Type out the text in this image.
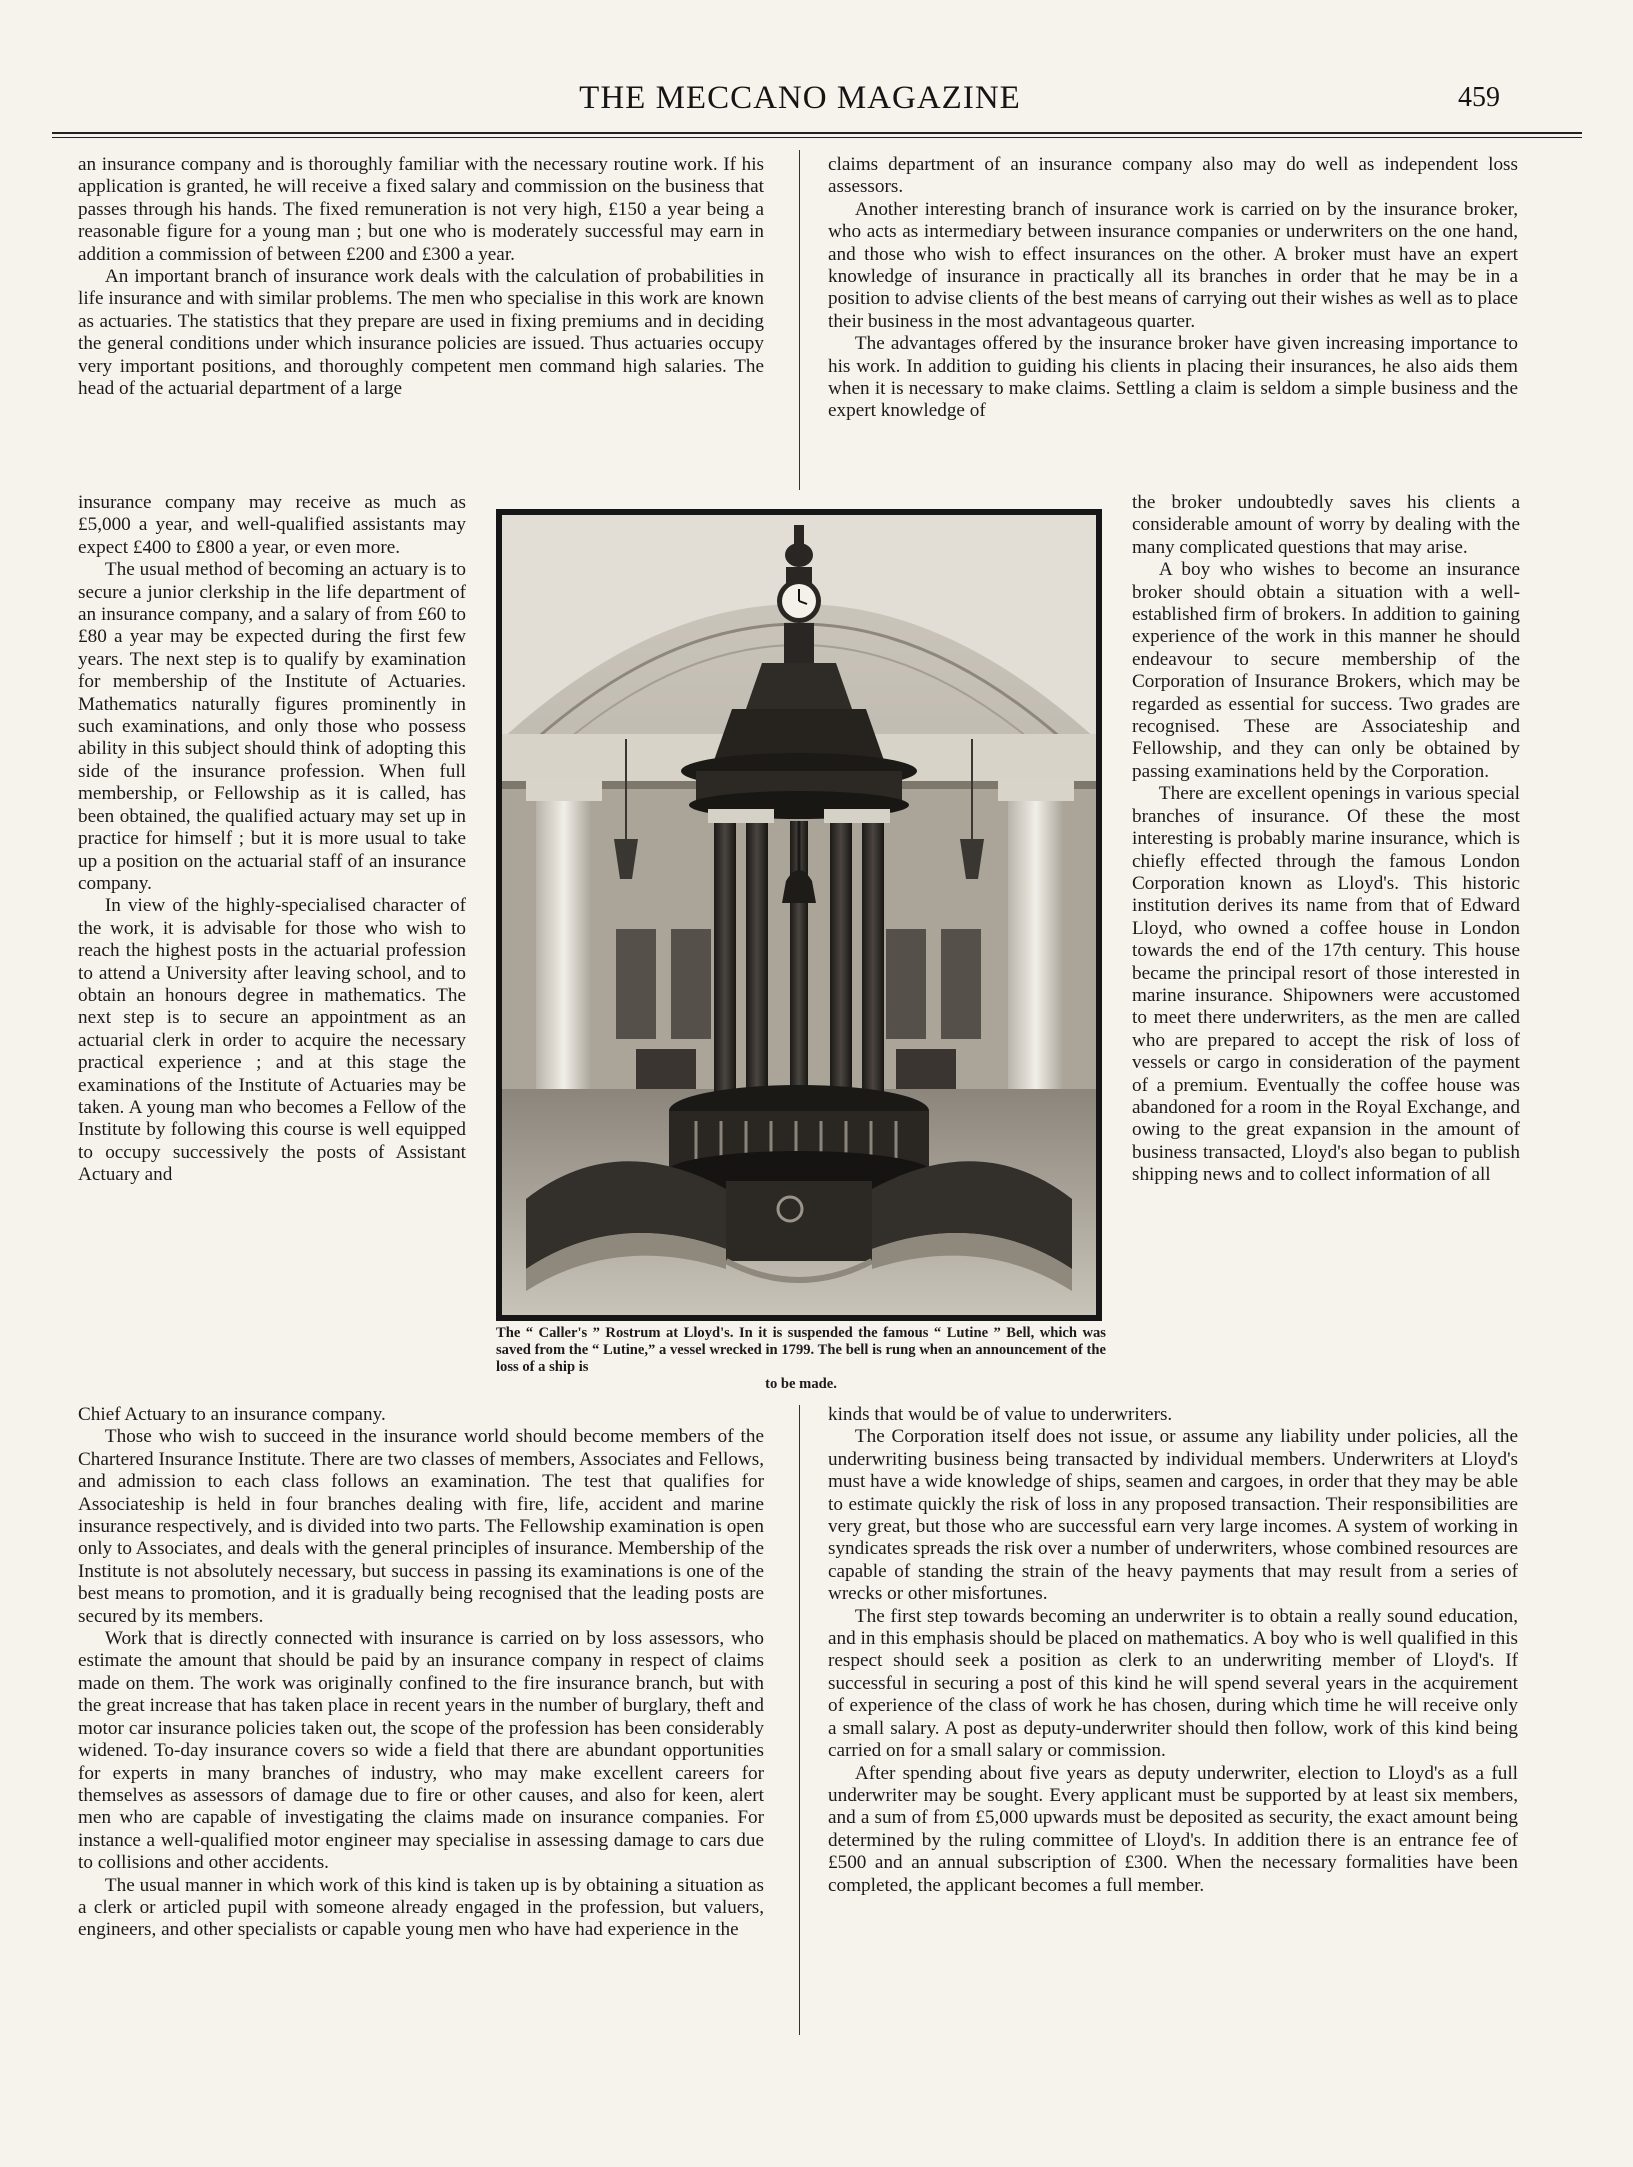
THE MECCANO MAGAZINE	459

an insurance company and is thoroughly familiar with the necessary routine work. If his application is granted, he will receive a fixed salary and commission on the business that passes through his hands. The fixed remuneration is not very high, £150 a year being a reasonable figure for a young man ; but one who is moderately successful may earn in addition a commission of between £200 and £300 a year.

An important branch of insurance work deals with the calculation of probabilities in life insurance and with similar problems. The men who specialise in this work are known as actuaries. The statistics that they prepare are used in fixing premiums and in deciding the general conditions under which insurance policies are issued. Thus actuaries occupy very important positions, and thoroughly competent men command high salaries. The head of the actuarial department of a large

insurance company may receive as much as £5,000 a year, and well-qualified assistants may expect £400 to £800 a year, or even more.

The usual method of becoming an actuary is to secure a junior clerkship in the life department of an insurance company, and a salary of from £60 to £80 a year may be expected during the first few years. The next step is to qualify by examination for membership of the Institute of Actuaries. Mathematics naturally figures prominently in such examinations, and only those who possess ability in this subject should think of adopting this side of the insurance profession. When full membership, or Fellowship as it is called, has been obtained, the qualified actuary may set up in practice for himself ; but it is more usual to take up a position on the actuarial staff of an insurance company.

In view of the highly-specialised character of the work, it is advisable for those who wish to reach the highest posts in the actuarial profession to attend a University after leaving school, and to obtain an honours degree in mathematics. The next step is to secure an appointment as an actuarial clerk in order to acquire the necessary practical experience ; and at this stage the examinations of the Institute of Actuaries may be taken. A young man who becomes a Fellow of the Institute by following this course is well equipped to occupy successively the posts of Assistant Actuary and

Chief Actuary to an insurance company.

Those who wish to succeed in the insurance world should become members of the Chartered Insurance Institute. There are two classes of members, Associates and Fellows, and admission to each class follows an examination. The test that qualifies for Associateship is held in four branches dealing with fire, life, accident and marine insurance respectively, and is divided into two parts. The Fellowship examination is open only to Associates, and deals with the general principles of insurance. Membership of the Institute is not absolutely necessary, but success in passing its examinations is one of the best means to promotion, and it is gradually being recognised that the leading posts are secured by its members.

Work that is directly connected with insurance is carried on by loss assessors, who estimate the amount that should be paid by an insurance company in respect of claims made on them. The work was originally confined to the fire insurance branch, but with the great increase that has taken place in recent years in the number of burglary, theft and motor car insurance policies taken out, the scope of the profession has been considerably widened. To-day insurance covers so wide a field that there are abundant opportunities for experts in many branches of industry, who may make excellent careers for themselves as assessors of damage due to fire or other causes, and also for keen, alert men who are capable of investigating the claims made on insurance companies. For instance a well-qualified motor engineer may specialise in assessing damage to cars due to collisions and other accidents.

The usual manner in which work of this kind is taken up is by obtaining a situation as a clerk or articled pupil with someone already engaged in the profession, but valuers, engineers, and other specialists or capable young men who have had experience in the

claims department of an insurance company also may do well as independent loss assessors.

Another interesting branch of insurance work is carried on by the insurance broker, who acts as intermediary between insurance companies or underwriters on the one hand, and those who wish to effect insurances on the other. A broker must have an expert knowledge of insurance in practically all its branches in order that he may be in a position to advise clients of the best means of carrying out their wishes as well as to place their business in the most advantageous quarter.

The advantages offered by the insurance broker have given increasing importance to his work. In addition to guiding his clients in placing their insurances, he also aids them when it is necessary to make claims. Settling a claim is seldom a simple business and the expert knowledge of

the broker undoubtedly saves his clients a considerable amount of worry by dealing with the many complicated questions that may arise.

A boy who wishes to become an insurance broker should obtain a situation with a well-established firm of brokers. In addition to gaining experience of the work in this manner he should endeavour to secure membership of the Corporation of Insurance Brokers, which may be regarded as essential for success. Two grades are recognised. These are Associateship and Fellowship, and they can only be obtained by passing examinations held by the Corporation.

There are excellent openings in various special branches of insurance. Of these the most interesting is probably marine insurance, which is chiefly effected through the famous London Corporation known as Lloyd's. This historic institution derives its name from that of Edward Lloyd, who owned a coffee house in London towards the end of the 17th century. This house became the principal resort of those interested in marine insurance. Shipowners were accustomed to meet there underwriters, as the men are called who are prepared to accept the risk of loss of vessels or cargo in consideration of the payment of a premium. Eventually the coffee house was abandoned for a room in the Royal Exchange, and owing to the great expansion in the amount of business transacted, Lloyd's also began to publish shipping news and to collect information of all

kinds that would be of value to underwriters.

The Corporation itself does not issue, or assume any liability under policies, all the underwriting business being transacted by individual members. Underwriters at Lloyd's must have a wide knowledge of ships, seamen and cargoes, in order that they may be able to estimate quickly the risk of loss in any proposed transaction. Their responsibilities are very great, but those who are successful earn very large incomes. A system of working in syndicates spreads the risk over a number of underwriters, whose combined resources are capable of standing the strain of the heavy payments that may result from a series of wrecks or other misfortunes.

The first step towards becoming an underwriter is to obtain a really sound education, and in this emphasis should be placed on mathematics. A boy who is well qualified in this respect should seek a position as clerk to an underwriting member of Lloyd's. If successful in securing a post of this kind he will spend several years in the acquirement of experience of the class of work he has chosen, during which time he will receive only a small salary. A post as deputy-underwriter should then follow, work of this kind being carried on for a small salary or commission.

After spending about five years as deputy underwriter, election to Lloyd's as a full underwriter may be sought. Every applicant must be supported by at least six members, and a sum of from £5,000 upwards must be deposited as security, the exact amount being determined by the ruling committee of Lloyd's. In addition there is an entrance fee of £500 and an annual subscription of £300. When the necessary formalities have been completed, the applicant becomes a full member.

The “ Caller's ” Rostrum at Lloyd's. In it is suspended the famous “ Lutine ” Bell, which was saved from the “ Lutine,” a vessel wrecked in 1799. The bell is rung when an announcement of the loss of a ship is
to be made.
